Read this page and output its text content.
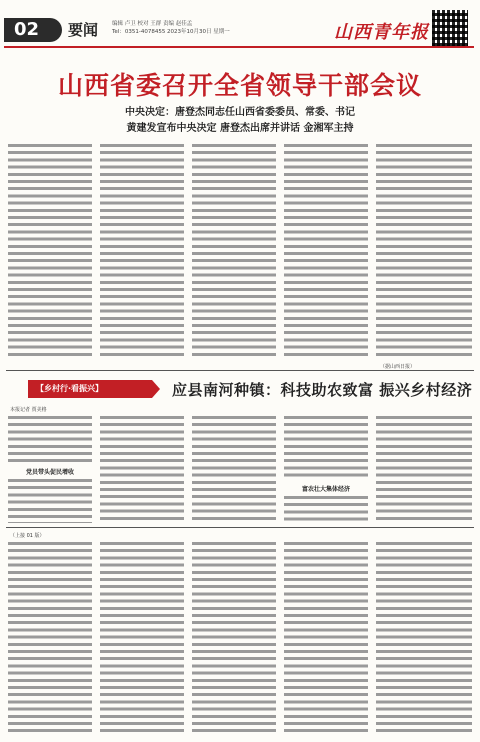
02	要闻	编辑 卢卫 校对 王群 责编 赵佳孟
Tel：0351-4078455 2023年10月30日 星期一	山西青年报
山西省委召开全省领导干部会议
中央决定：唐登杰同志任山西省委委员、常委、书记
黄建发宣布中央决定 唐登杰出席并讲话 金湘军主持
（据山西日报）
【乡村行·看振兴】	应县南河种镇：科技助农致富 振兴乡村经济
本报记者 贾美格
党员带头促民增收
富农壮大集体经济
（上接 01 版）
